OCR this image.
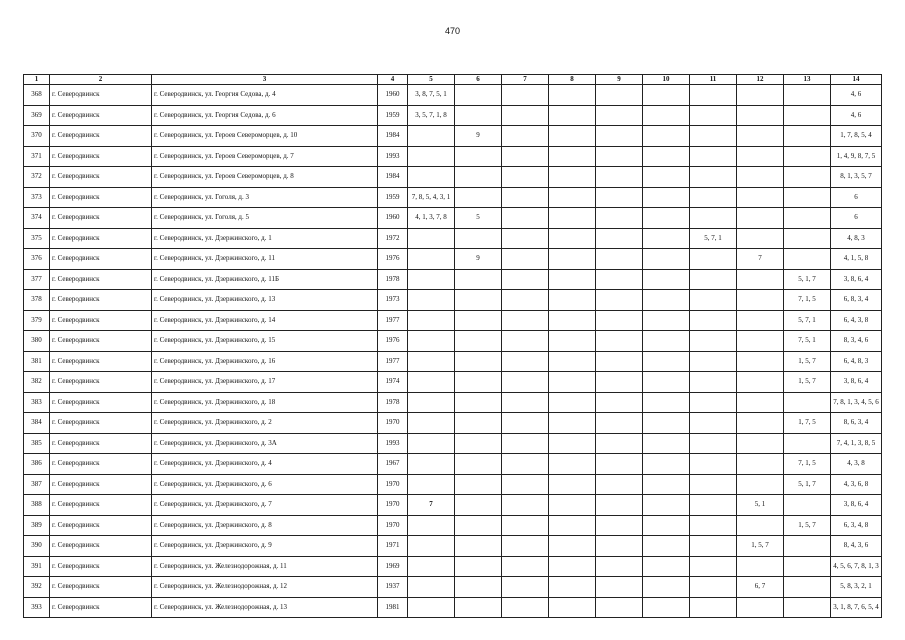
470
1	2	3	4	5	6	7	8	9	10	11	12	13	14
368	г. Северодвинск	г. Северодвинск, ул. Георгия Седова, д. 4	1960	3, 8, 7, 5, 1									4, 6
369	г. Северодвинск	г. Северодвинск, ул. Георгия Седова, д. 6	1959	3, 5, 7, 1, 8									4, 6
370	г. Северодвинск	г. Северодвинск, ул. Героев Североморцев, д. 10	1984		9								1, 7, 8, 5, 4
371	г. Северодвинск	г. Северодвинск, ул. Героев Североморцев, д. 7	1993										1, 4, 9, 8, 7, 5
372	г. Северодвинск	г. Северодвинск, ул. Героев Североморцев, д. 8	1984										8, 1, 3, 5, 7
373	г. Северодвинск	г. Северодвинск, ул. Гоголя, д. 3	1959	7, 8, 5, 4, 3, 1									6
374	г. Северодвинск	г. Северодвинск, ул. Гоголя, д. 5	1960	4, 1, 3, 7, 8	5								6
375	г. Северодвинск	г. Северодвинск, ул. Дзержинского, д. 1	1972							5, 7, 1			4, 8, 3
376	г. Северодвинск	г. Северодвинск, ул. Дзержинского, д. 11	1976		9						7		4, 1, 5, 8
377	г. Северодвинск	г. Северодвинск, ул. Дзержинского, д. 11Б	1978									5, 1, 7	3, 8, 6, 4
378	г. Северодвинск	г. Северодвинск, ул. Дзержинского, д. 13	1973									7, 1, 5	6, 8, 3, 4
379	г. Северодвинск	г. Северодвинск, ул. Дзержинского, д. 14	1977									5, 7, 1	6, 4, 3, 8
380	г. Северодвинск	г. Северодвинск, ул. Дзержинского, д. 15	1976									7, 5, 1	8, 3, 4, 6
381	г. Северодвинск	г. Северодвинск, ул. Дзержинского, д. 16	1977									1, 5, 7	6, 4, 8, 3
382	г. Северодвинск	г. Северодвинск, ул. Дзержинского, д. 17	1974									1, 5, 7	3, 8, 6, 4
383	г. Северодвинск	г. Северодвинск, ул. Дзержинского, д. 18	1978										7, 8, 1, 3, 4, 5, 6
384	г. Северодвинск	г. Северодвинск, ул. Дзержинского, д. 2	1970									1, 7, 5	8, 6, 3, 4
385	г. Северодвинск	г. Северодвинск, ул. Дзержинского, д. 3А	1993										7, 4, 1, 3, 8, 5
386	г. Северодвинск	г. Северодвинск, ул. Дзержинского, д. 4	1967									7, 1, 5	4, 3, 8
387	г. Северодвинск	г. Северодвинск, ул. Дзержинского, д. 6	1970									5, 1, 7	4, 3, 6, 8
388	г. Северодвинск	г. Северодвинск, ул. Дзержинского, д. 7	1970	7							5, 1		3, 8, 6, 4
389	г. Северодвинск	г. Северодвинск, ул. Дзержинского, д. 8	1970									1, 5, 7	6, 3, 4, 8
390	г. Северодвинск	г. Северодвинск, ул. Дзержинского, д. 9	1971								1, 5, 7		8, 4, 3, 6
391	г. Северодвинск	г. Северодвинск, ул. Железнодорожная, д. 11	1969										4, 5, 6, 7, 8, 1, 3
392	г. Северодвинск	г. Северодвинск, ул. Железнодорожная, д. 12	1937								6, 7		5, 8, 3, 2, 1
393	г. Северодвинск	г. Северодвинск, ул. Железнодорожная, д. 13	1981										3, 1, 8, 7, 6, 5, 4
